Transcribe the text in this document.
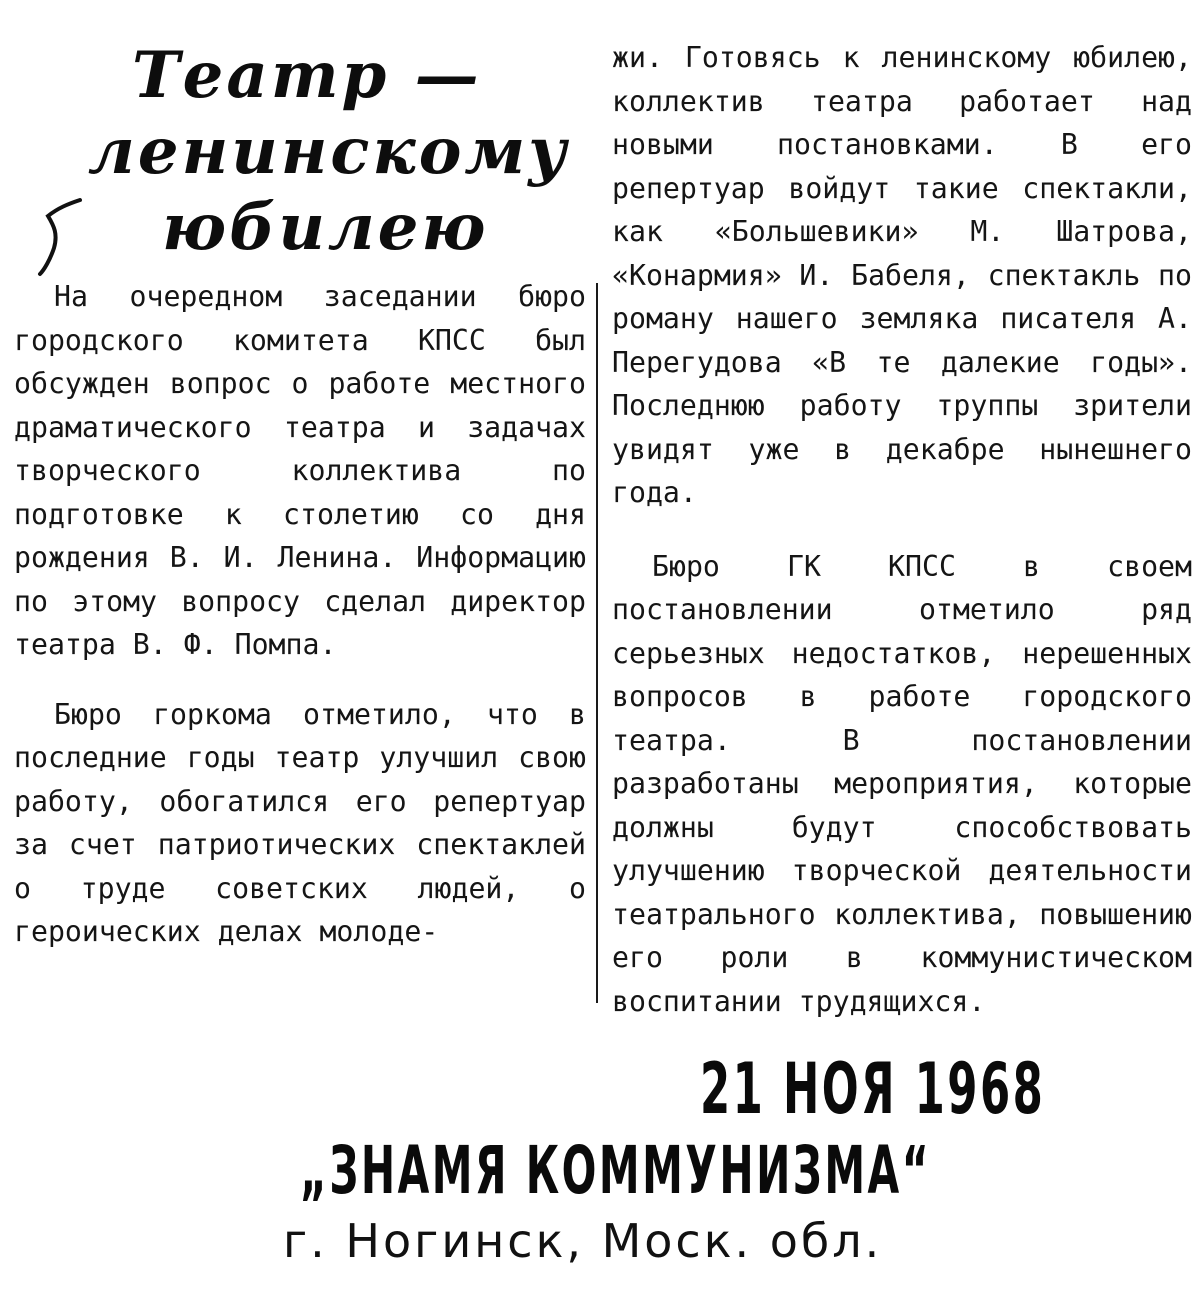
Театр —
ленинскому
юбилею

На очередном заседании бюро городского комитета КПСС был обсужден вопрос о работе местного драматического театра и задачах творческого коллектива по подготовке к столетию со дня рождения В. И. Ленина. Информацию по этому вопросу сделал директор театра В. Ф. Помпа.

Бюро горкома отметило, что в последние годы театр улучшил свою работу, обогатился его репертуар за счет патриотических спектаклей о труде советских людей, о героических делах молоде-

жи. Готовясь к ленинскому юбилею, коллектив театра работает над новыми постановками. В его репертуар войдут такие спектакли, как «Большевики» М. Шатрова, «Конармия» И. Бабеля, спектакль по роману нашего земляка писателя А. Перегудова «В те далекие годы». Последнюю работу труппы зрители увидят уже в декабре нынешнего года.

Бюро ГК КПСС в своем постановлении отметило ряд серьезных недостатков, нерешенных вопросов в работе городского театра. В постановлении разработаны мероприятия, которые должны будут способствовать улучшению творческой деятельности театрального коллектива, повышению его роли в коммунистическом воспитании трудящихся.

21 НОЯ 1968
„ЗНАМЯ КОММУНИЗМА“
г. Ногинск, Моск. обл.
